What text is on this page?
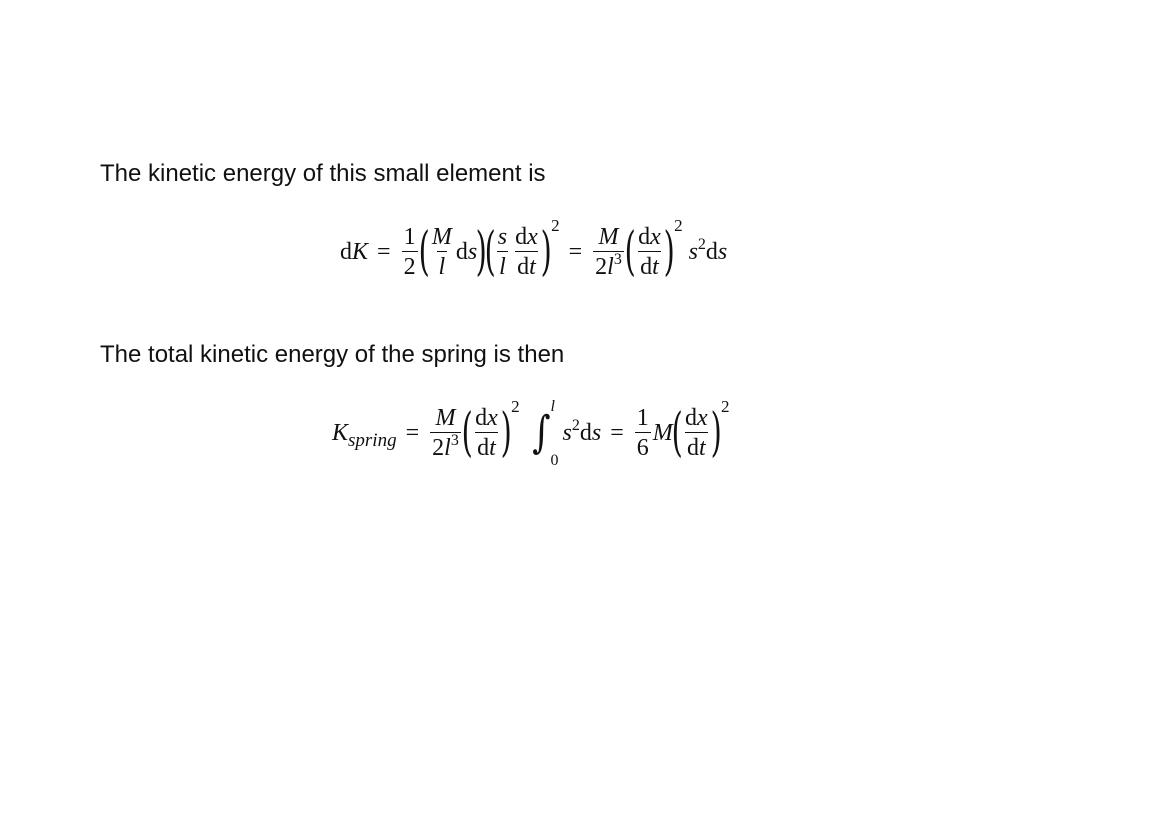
The kinetic energy of this small element is
dK = $\frac{1}{2}$ ( $\frac{M}{l}$ ds
)
( $\frac{s}{l} \frac{dx}{dt}$ ) 2
= $\frac{M}{2l^3}$ ( $\frac{dx}{dt}$ ) 2
$s^2ds$
The total kinetic energy of the spring is then
$K_{spring} = \frac{M}{2l^3}$ ( $\frac{dx}{dt}$ ) 2
∫
l
0
$s^2ds = \frac{1}{6}$ M
( $\frac{dx}{dt}$ ) 2
